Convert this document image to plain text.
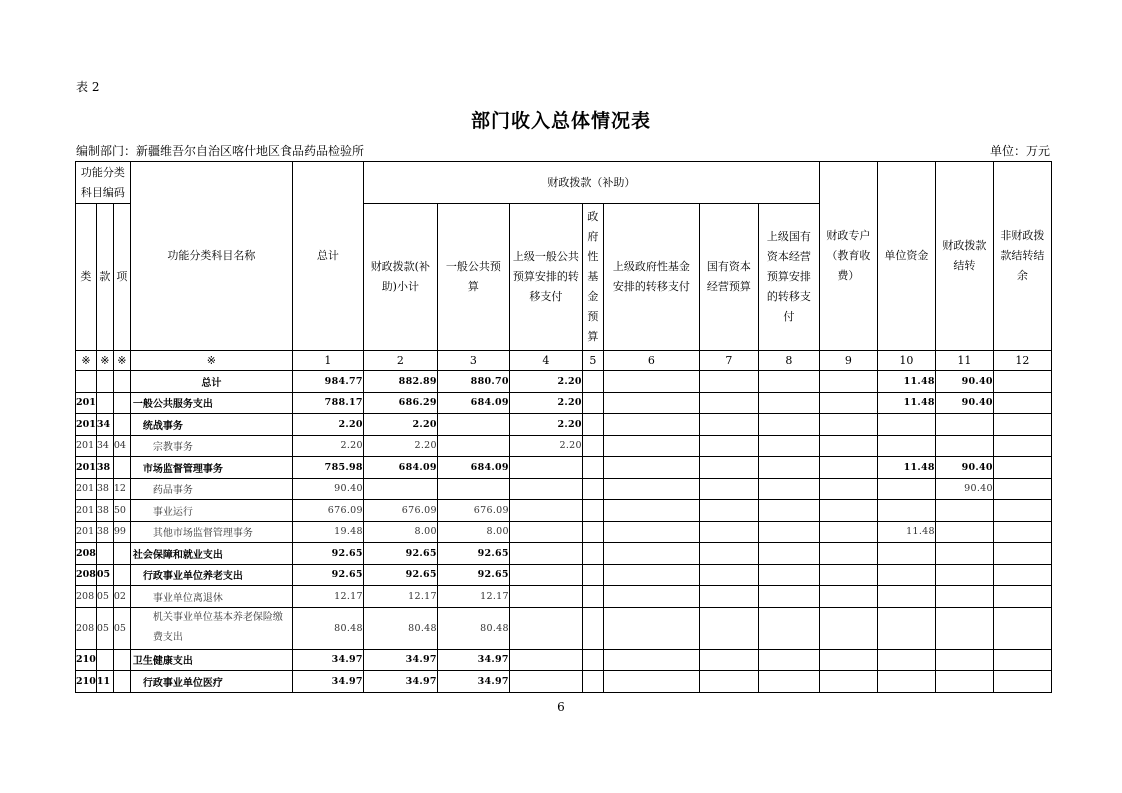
表 2
部门收入总体情况表
编制部门：新疆维吾尔自治区喀什地区食品药品检验所	单位：万元
功能分类科目编码			功能分类科目名称	总计	财政拨款（补助）							财政专户（教育收费）	单位资金	财政拨款结转	非财政拨款结转结余
类	款	项			财政拨款(补助)小计	一般公共预算	上级一般公共预算安排的转移支付	政府性基金预算	上级政府性基金安排的转移支付	国有资本经营预算	上级国有资本经营预算安排的转移支付				
※	※	※	※	1	2	3	4	5	6	7	8	9	10	11	12
			总计	984.77	882.89	880.70	2.20						11.48	90.40	
201			一般公共服务支出	788.17	686.29	684.09	2.20						11.48	90.40	
201	34		统战事务	2.20	2.20		2.20								
201	34	04	宗教事务	2.20	2.20		2.20								
201	38		市场监督管理事务	785.98	684.09	684.09							11.48	90.40	
201	38	12	药品事务	90.40										90.40	
201	38	50	事业运行	676.09	676.09	676.09									
201	38	99	其他市场监督管理事务	19.48	8.00	8.00							11.48		
208			社会保障和就业支出	92.65	92.65	92.65									
208	05		行政事业单位养老支出	92.65	92.65	92.65									
208	05	02	事业单位离退休	12.17	12.17	12.17									
208	05	05	机关事业单位基本养老保险缴费支出	80.48	80.48	80.48									
210			卫生健康支出	34.97	34.97	34.97									
210	11		行政事业单位医疗	34.97	34.97	34.97									
6
